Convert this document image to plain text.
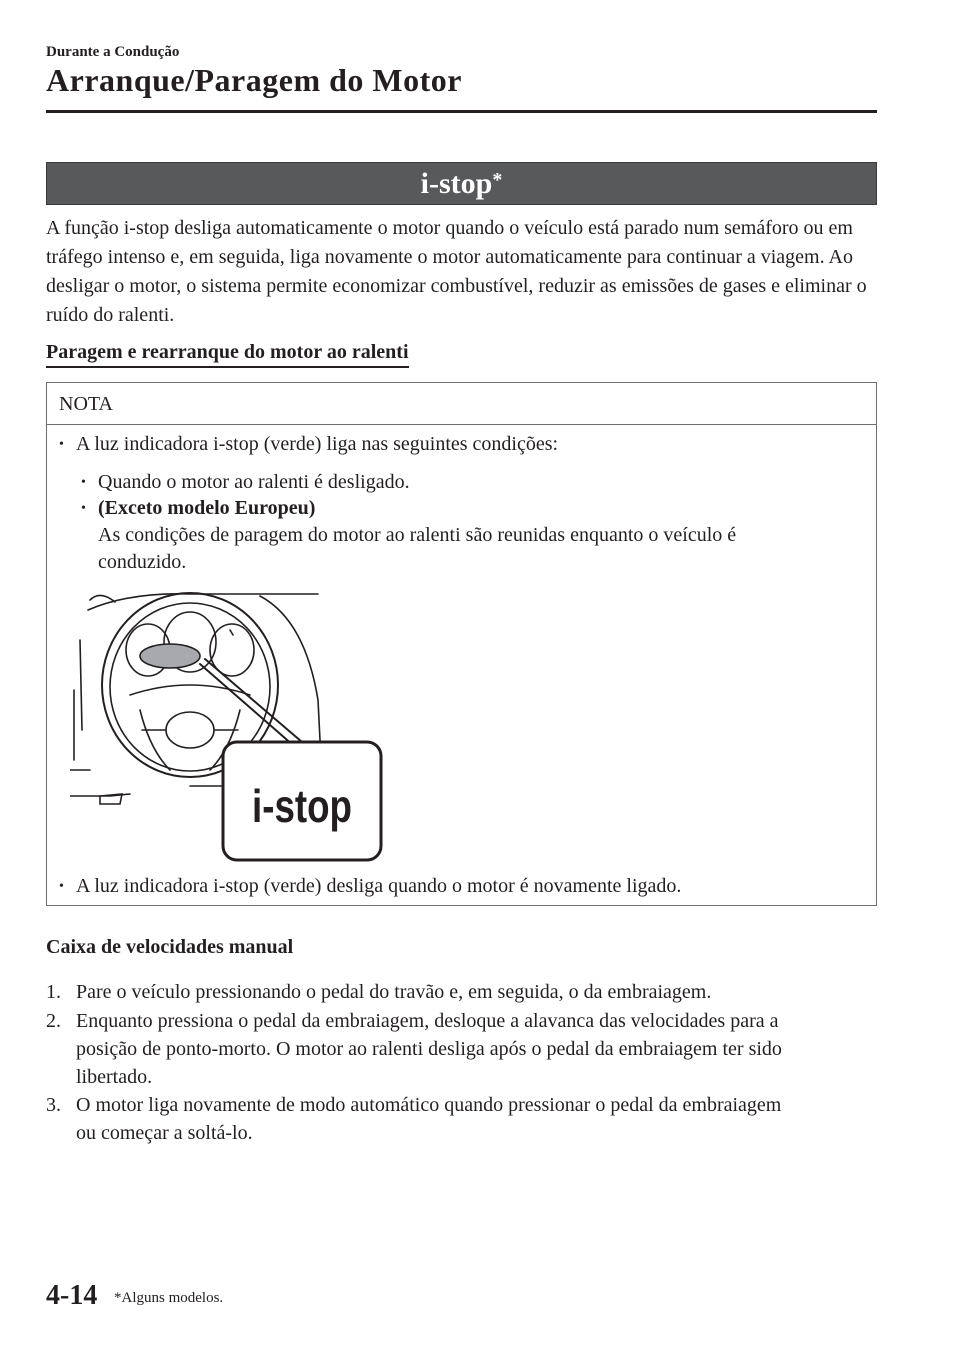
Durante a Condução
Arranque/Paragem do Motor
i-stop*
A função i-stop desliga automaticamente o motor quando o veículo está parado num semáforo ou em tráfego intenso e, em seguida, liga novamente o motor automaticamente para continuar a viagem. Ao desligar o motor, o sistema permite economizar combustível, reduzir as emissões de gases e eliminar o ruído do ralenti.
Paragem e rearranque do motor ao ralenti
NOTA
• A luz indicadora i-stop (verde) liga nas seguintes condições:
• Quando o motor ao ralenti é desligado.
• (Exceto modelo Europeu)
As condições de paragem do motor ao ralenti são reunidas enquanto o veículo é
conduzido.
i-stop
• A luz indicadora i-stop (verde) desliga quando o motor é novamente ligado.
Caixa de velocidades manual
1. Pare o veículo pressionando o pedal do travão e, em seguida, o da embraiagem.
2. Enquanto pressiona o pedal da embraiagem, desloque a alavanca das velocidades para a
posição de ponto-morto. O motor ao ralenti desliga após o pedal da embraiagem ter sido
libertado.
3. O motor liga novamente de modo automático quando pressionar o pedal da embraiagem
ou começar a soltá-lo.
4-14 *Alguns modelos.
